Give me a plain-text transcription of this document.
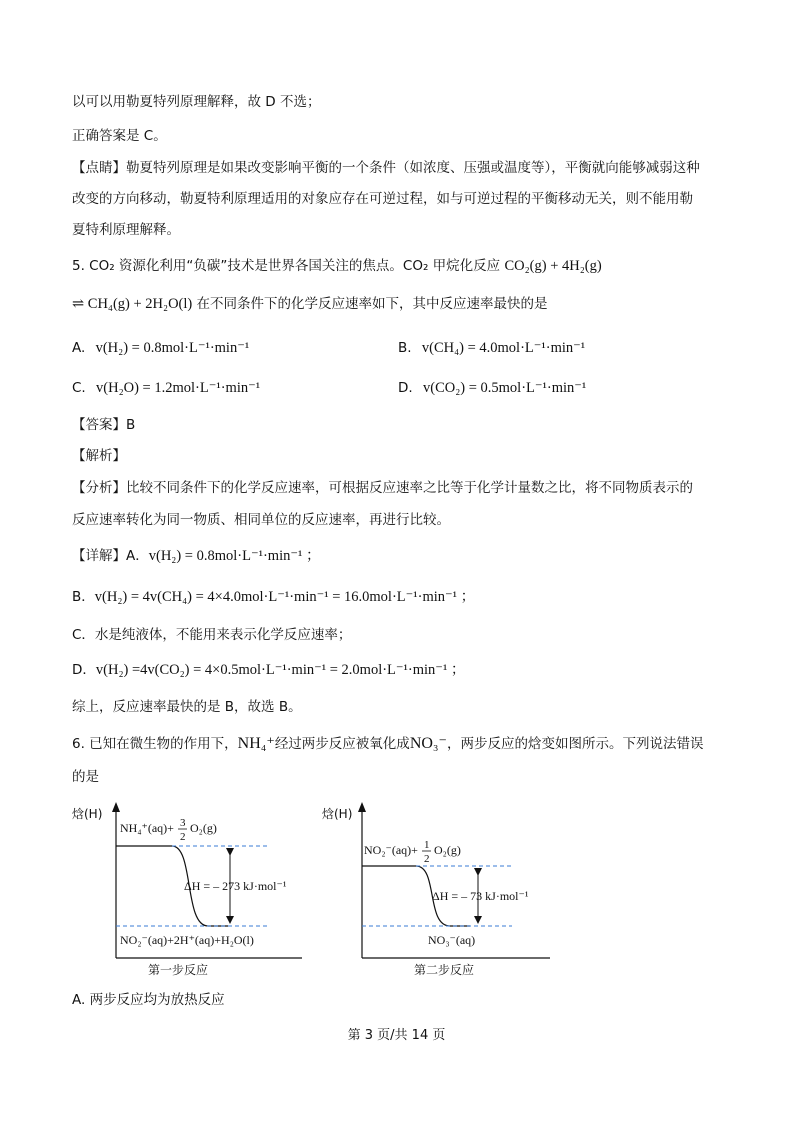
以可以用勒夏特列原理解释，故 D 不选；
正确答案是 C。
【点睛】勒夏特列原理是如果改变影响平衡的一个条件（如浓度、压强或温度等），平衡就向能够减弱这种
改变的方向移动，勒夏特利原理适用的对象应存在可逆过程，如与可逆过程的平衡移动无关，则不能用勒
夏特利原理解释。
5. CO₂ 资源化利用“负碳”技术是世界各国关注的焦点。CO₂ 甲烷化反应 CO₂(g) + 4H₂(g)
⇌ CH₄(g) + 2H₂O(l) 在不同条件下的化学反应速率如下，其中反应速率最快的是
A. v(H₂) = 0.8mol·L⁻¹·min⁻¹	B. v(CH₄) = 4.0mol·L⁻¹·min⁻¹
C. v(H₂O) = 1.2mol·L⁻¹·min⁻¹	D. v(CO₂) = 0.5mol·L⁻¹·min⁻¹
【答案】B
【解析】
【分析】比较不同条件下的化学反应速率，可根据反应速率之比等于化学计量数之比，将不同物质表示的
反应速率转化为同一物质、相同单位的反应速率，再进行比较。
【详解】A．v(H₂) = 0.8mol·L⁻¹·min⁻¹ ；
B．v(H₂) = 4v(CH₄) = 4×4.0mol·L⁻¹·min⁻¹ = 16.0mol·L⁻¹·min⁻¹ ；
C．水是纯液体，不能用来表示化学反应速率；
D．v(H₂) =4v(CO₂) = 4×0.5mol·L⁻¹·min⁻¹ = 2.0mol·L⁻¹·min⁻¹ ；
综上，反应速率最快的是 B，故选 B。
6. 已知在微生物的作用下，NH₄⁺经过两步反应被氧化成NO₃⁻，两步反应的焓变如图所示。下列说法错误
的是
焓(H)
NH₄⁺(aq)+ 3
2
O₂(g)
ΔH = – 273 kJ·mol⁻¹
NO₂⁻(aq)+2H⁺(aq)+H₂O(l)
第一步反应
焓(H)
NO₂⁻(aq)+ 1
2
O₂(g)
ΔH = – 73 kJ·mol⁻¹
NO₃⁻(aq)
第二步反应
A. 两步反应均为放热反应
第 3 页/共 14 页
